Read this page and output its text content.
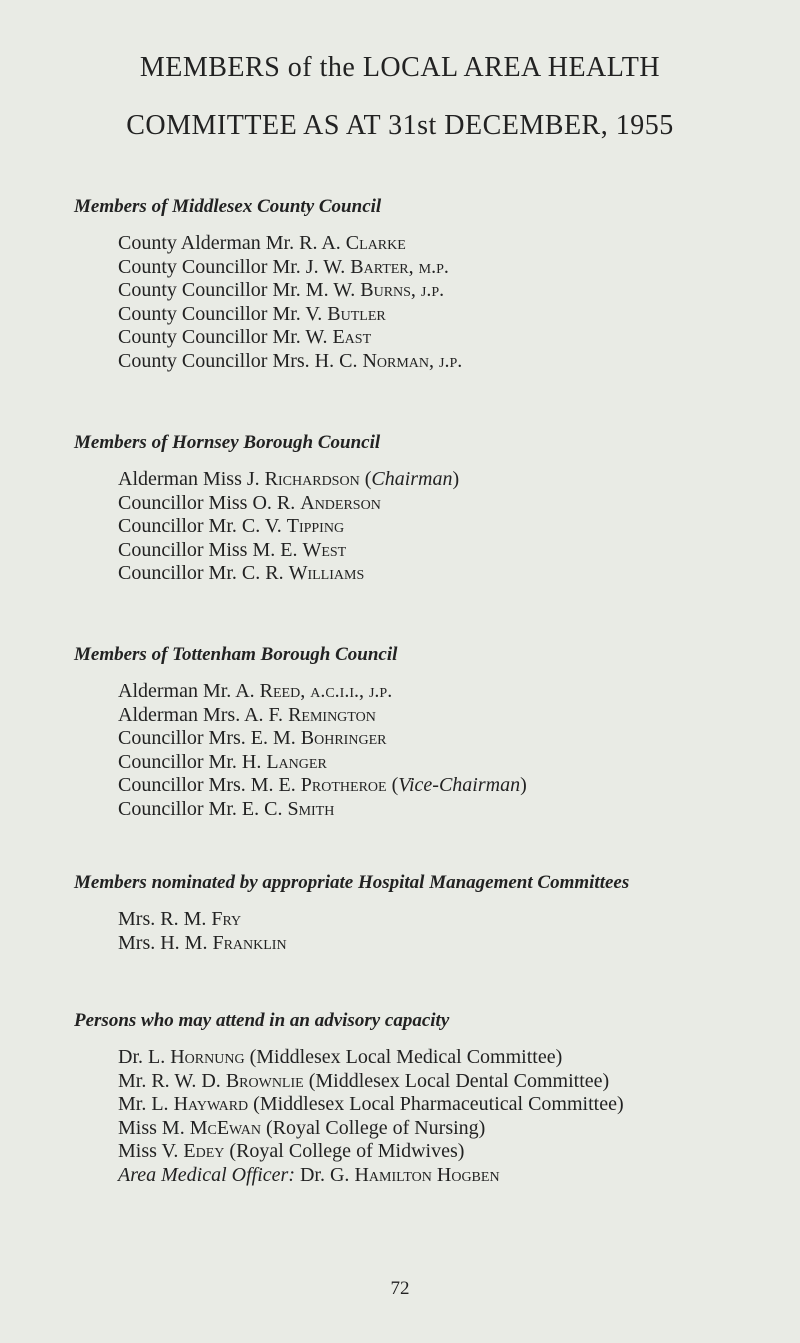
MEMBERS of the LOCAL AREA HEALTH
COMMITTEE AS AT 31st DECEMBER, 1955
Members of Middlesex County Council
County Alderman Mr. R. A. Clarke
County Councillor Mr. J. W. Barter, m.p.
County Councillor Mr. M. W. Burns, j.p.
County Councillor Mr. V. Butler
County Councillor Mr. W. East
County Councillor Mrs. H. C. Norman, j.p.
Members of Hornsey Borough Council
Alderman Miss J. Richardson (Chairman)
Councillor Miss O. R. Anderson
Councillor Mr. C. V. Tipping
Councillor Miss M. E. West
Councillor Mr. C. R. Williams
Members of Tottenham Borough Council
Alderman Mr. A. Reed, a.c.i.i., j.p.
Alderman Mrs. A. F. Remington
Councillor Mrs. E. M. Bohringer
Councillor Mr. H. Langer
Councillor Mrs. M. E. Protheroe (Vice-Chairman)
Councillor Mr. E. C. Smith
Members nominated by appropriate Hospital Management Committees
Mrs. R. M. Fry
Mrs. H. M. Franklin
Persons who may attend in an advisory capacity
Dr. L. Hornung (Middlesex Local Medical Committee)
Mr. R. W. D. Brownlie (Middlesex Local Dental Committee)
Mr. L. Hayward (Middlesex Local Pharmaceutical Committee)
Miss M. McEwan (Royal College of Nursing)
Miss V. Edey (Royal College of Midwives)
Area Medical Officer: Dr. G. Hamilton Hogben
72
